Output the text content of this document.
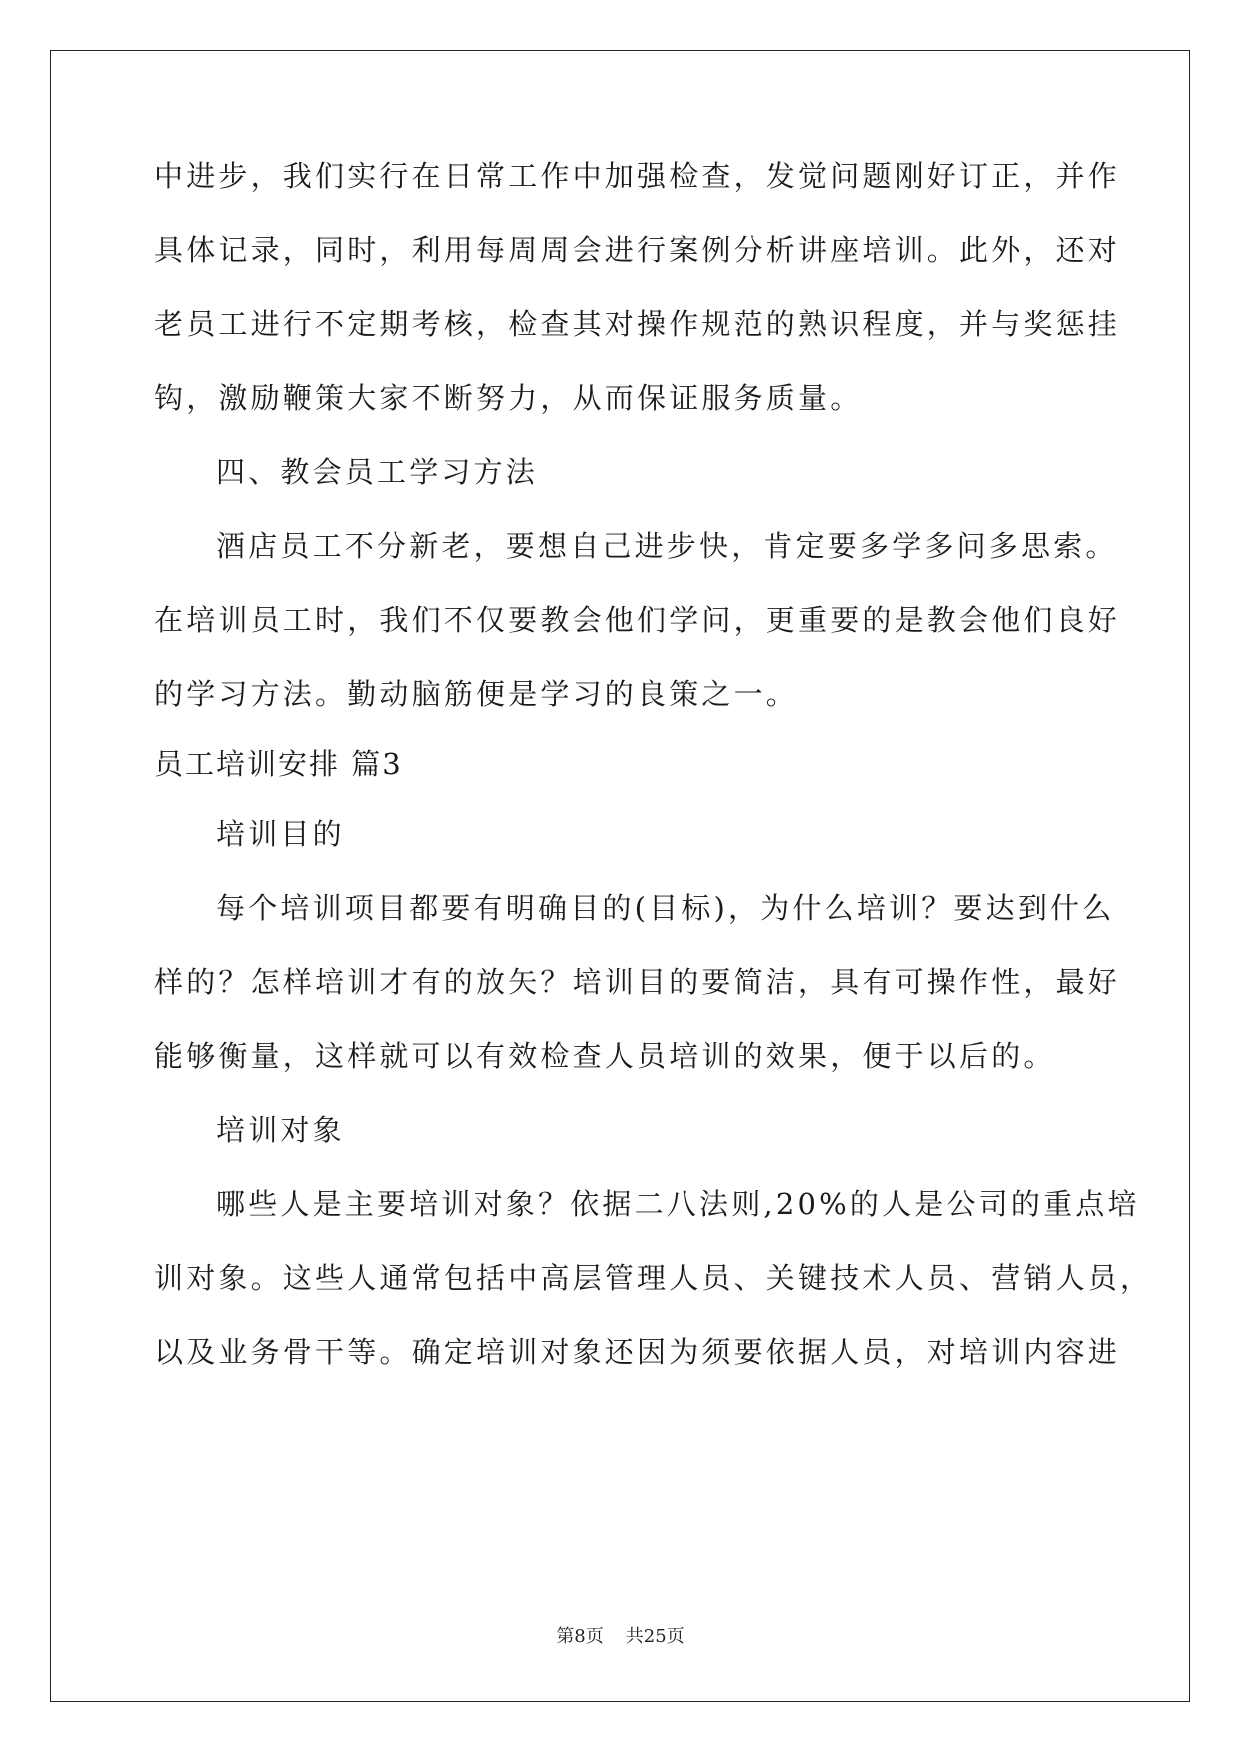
中进步，我们实行在日常工作中加强检查，发觉问题刚好订正，并作
具体记录，同时，利用每周周会进行案例分析讲座培训。此外，还对
老员工进行不定期考核，检查其对操作规范的熟识程度，并与奖惩挂
钩，激励鞭策大家不断努力，从而保证服务质量。
四、教会员工学习方法
酒店员工不分新老，要想自己进步快，肯定要多学多问多思索。
在培训员工时，我们不仅要教会他们学问，更重要的是教会他们良好
的学习方法。勤动脑筋便是学习的良策之一。
员工培训安排 篇3
培训目的
每个培训项目都要有明确目的(目标)，为什么培训？要达到什么
样的？怎样培训才有的放矢？培训目的要简洁，具有可操作性，最好
能够衡量，这样就可以有效检查人员培训的效果，便于以后的。
培训对象
哪些人是主要培训对象？依据二八法则,20%的人是公司的重点培
训对象。这些人通常包括中高层管理人员、关键技术人员、营销人员，
以及业务骨干等。确定培训对象还因为须要依据人员，对培训内容进
第8页 共25页
